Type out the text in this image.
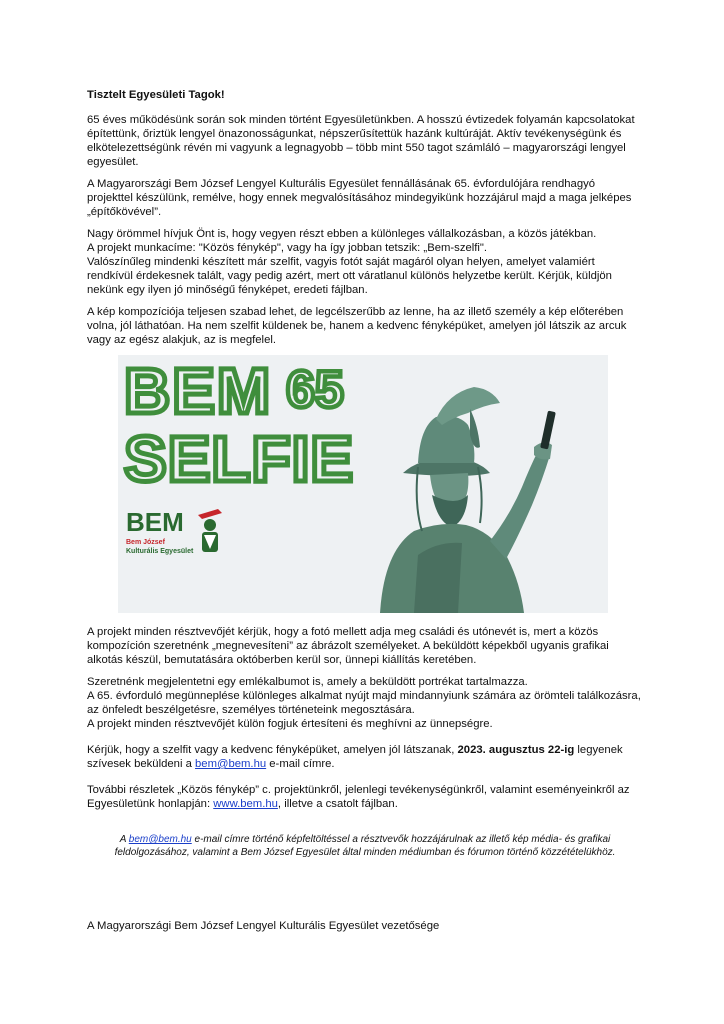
Tisztelt Egyesületi Tagok!

65 éves működésünk során sok minden történt Egyesületünkben. A hosszú évtizedek folyamán kapcsolatokat építettünk, őriztük lengyel önazonosságunkat, népszerűsítettük hazánk kultúráját. Aktív tevékenységünk és elkötelezettségünk révén mi vagyunk a legnagyobb – több mint 550 tagot számláló – magyarországi lengyel egyesület.

A Magyarországi Bem József Lengyel Kulturális Egyesület fennállásának 65. évfordulójára rendhagyó projekttel készülünk, remélve, hogy ennek megvalósításához mindegyikünk hozzájárul majd a maga jelképes „építőkövével”.

Nagy örömmel hívjuk Önt is, hogy vegyen részt ebben a különleges vállalkozásban, a közös játékban.
A projekt munkacíme: "Közös fénykép", vagy ha így jobban tetszik: „Bem-szelfi".
Valószínűleg mindenki készített már szelfit, vagyis fotót saját magáról olyan helyen, amelyet valamiért rendkívül érdekesnek talált, vagy pedig azért, mert ott váratlanul különös helyzetbe került. Kérjük, küldjön nekünk egy ilyen jó minőségű fényképet, eredeti fájlban.

A kép kompozíciója teljesen szabad lehet, de legcélszerűbb az lenne, ha az illető személy a kép előterében volna, jól láthatóan. Ha nem szelfit küldenek be, hanem a kedvenc fényképüket, amelyen jól látszik az arcuk vagy az egész alakjuk, az is megfelel.

BEM 65
SELFIE
BEM
Bem József
Kulturális Egyesület

A projekt minden résztvevőjét kérjük, hogy a fotó mellett adja meg családi és utónevét is, mert a közös kompozíción szeretnénk „megnevesíteni” az ábrázolt személyeket. A beküldött képekből ugyanis grafikai alkotás készül, bemutatására októberben kerül sor, ünnepi kiállítás keretében.

Szeretnénk megjelentetni egy emlékalbumot is, amely a beküldött portrékat tartalmazza.
A 65. évforduló megünneplése különleges alkalmat nyújt majd mindannyiunk számára az örömteli találkozásra, az önfeledt beszélgetésre, személyes történeteink megosztására.
A projekt minden résztvevőjét külön fogjuk értesíteni és meghívni az ünnepségre.

Kérjük, hogy a szelfit vagy a kedvenc fényképüket, amelyen jól látszanak, 2023. augusztus 22-ig legyenek szívesek beküldeni a bem@bem.hu e-mail címre.

További részletek „Közös fénykép” c. projektünkről, jelenlegi tevékenységünkről, valamint eseményeinkről az Egyesületünk honlapján: www.bem.hu, illetve a csatolt fájlban.

A bem@bem.hu e-mail címre történő képfeltöltéssel a résztvevők hozzájárulnak az illető kép média- és grafikai feldolgozásához, valamint a Bem József Egyesület által minden médiumban és fórumon történő közzétételükhöz.

A Magyarországi Bem József Lengyel Kulturális Egyesület vezetősége
